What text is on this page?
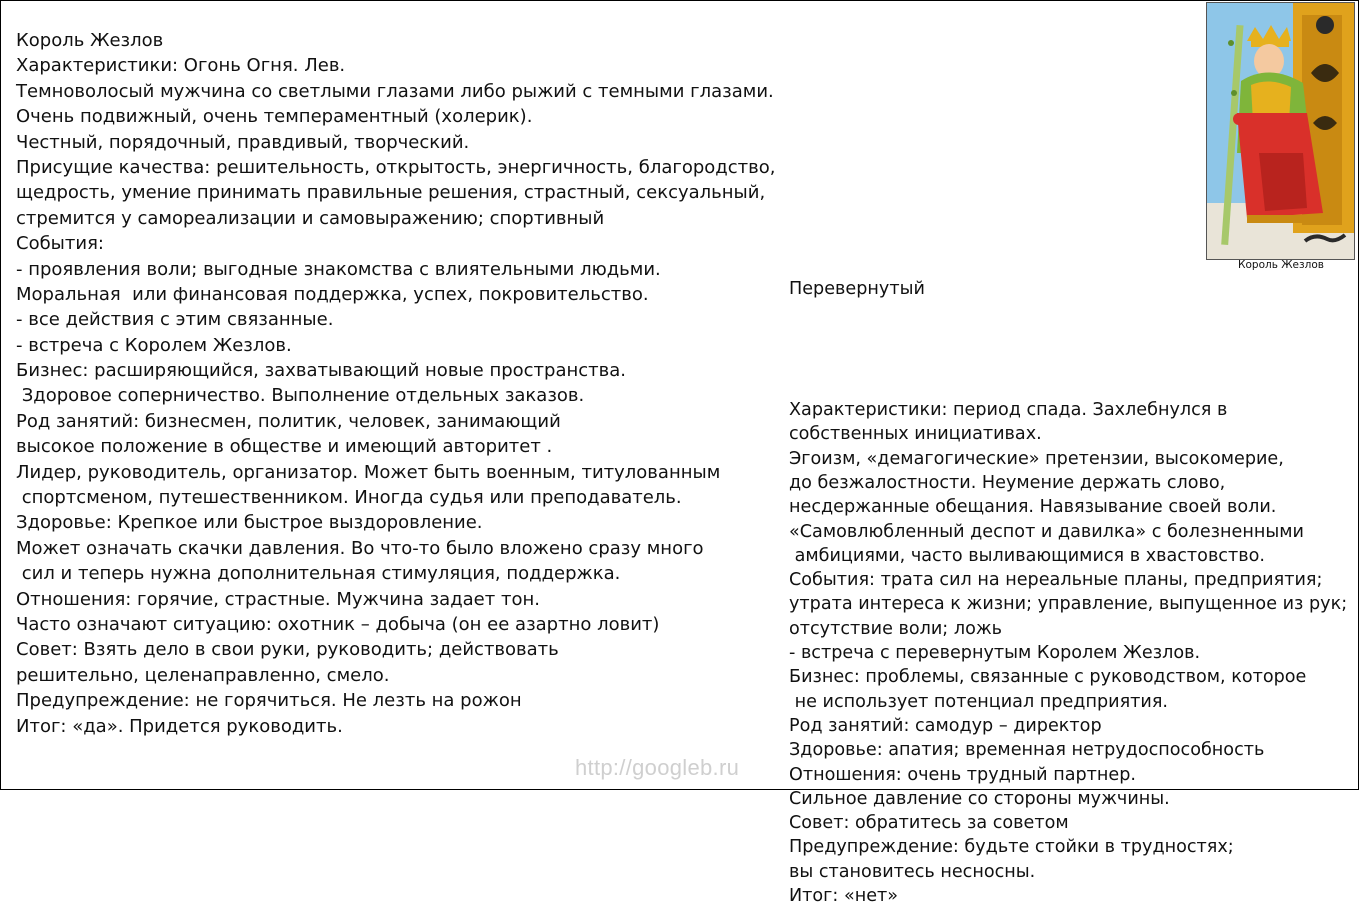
Король Жезлов
Характеристики: Огонь Огня. Лев.
Темноволосый мужчина со светлыми глазами либо рыжий с темными глазами.
Очень подвижный, очень темпераментный (холерик).
Честный, порядочный, правдивый, творческий.
Присущие качества: решительность, открытость, энергичность, благородство,
щедрость, умение принимать правильные решения, страстный, сексуальный,
стремится у самореализации и самовыражению; спортивный
События:
- проявления воли; выгодные знакомства с влиятельными людьми.
Моральная  или финансовая поддержка, успех, покровительство.
- все действия с этим связанные.
- встреча с Королем Жезлов.
Бизнес: расширяющийся, захватывающий новые пространства.
Здоровое соперничество. Выполнение отдельных заказов.
Род занятий: бизнесмен, политик, человек, занимающий
высокое положение в обществе и имеющий авторитет .
Лидер, руководитель, организатор. Может быть военным, титулованным
спортсменом, путешественником. Иногда судья или преподаватель.
Здоровье: Крепкое или быстрое выздоровление.
Может означать скачки давления. Во что-то было вложено сразу много
сил и теперь нужна дополнительная стимуляция, поддержка.
Отношения: горячие, страстные. Мужчина задает тон.
Часто означают ситуацию: охотник – добыча (он ее азартно ловит)
Совет: Взять дело в свои руки, руководить; действовать
решительно, целенаправленно, смело.
Предупреждение: не горячиться. Не лезть на рожон
Итог: «да». Придется руководить.

Перевернутый

Характеристики: период спада. Захлебнулся в
собственных инициативах.
Эгоизм, «демагогические» претензии, высокомерие,
до безжалостности. Неумение держать слово,
несдержанные обещания. Навязывание своей воли.
«Самовлюбленный деспот и давилка» с болезненными
амбициями, часто выливающимися в хвастовство.
События: трата сил на нереальные планы, предприятия;
утрата интереса к жизни; управление, выпущенное из рук;
отсутствие воли; ложь
- встреча с перевернутым Королем Жезлов.
Бизнес: проблемы, связанные с руководством, которое
не использует потенциал предприятия.
Род занятий: самодур – директор
Здоровье: апатия; временная нетрудоспособность
Отношения: очень трудный партнер.
Сильное давление со стороны мужчины.
Совет: обратитесь за советом
Предупреждение: будьте стойки в трудностях;
вы становитесь несносны.
Итог: «нет»
Король Жезлов
http://googleb.ru
